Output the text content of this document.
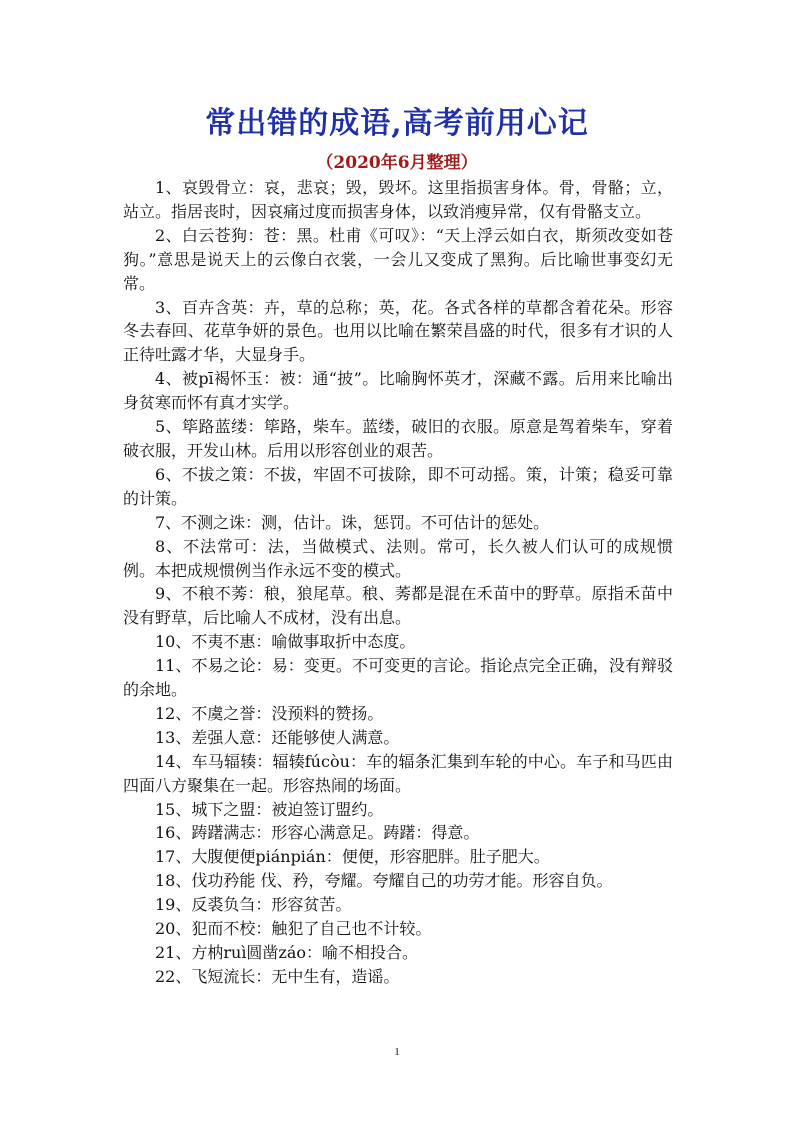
常出错的成语,高考前用心记
（2020年6月整理）

1、哀毁骨立：哀，悲哀；毁，毁坏。这里指损害身体。骨，骨骼；立，站立。指居丧时，因哀痛过度而损害身体，以致消瘦异常，仅有骨骼支立。

2、白云苍狗：苍：黑。杜甫《可叹》：“天上浮云如白衣，斯须改变如苍狗。”意思是说天上的云像白衣裳，一会儿又变成了黑狗。后比喻世事变幻无常。

3、百卉含英：卉，草的总称；英，花。各式各样的草都含着花朵。形容冬去春回、花草争妍的景色。也用以比喻在繁荣昌盛的时代，很多有才识的人正待吐露才华，大显身手。

4、被pī褐怀玉：被：通“披”。比喻胸怀英才，深藏不露。后用来比喻出身贫寒而怀有真才实学。

5、筚路蓝缕：筚路，柴车。蓝缕，破旧的衣服。原意是驾着柴车，穿着破衣服，开发山林。后用以形容创业的艰苦。

6、不拔之策：不拔，牢固不可拔除，即不可动摇。策，计策；稳妥可靠的计策。

7、不测之诛：测，估计。诛，惩罚。不可估计的惩处。

8、不法常可：法，当做模式、法则。常可，长久被人们认可的成规惯例。本把成规惯例当作永远不变的模式。

9、不稂不莠：稂，狼尾草。稂、莠都是混在禾苗中的野草。原指禾苗中没有野草，后比喻人不成材，没有出息。

10、不夷不惠：喻做事取折中态度。

11、不易之论：易：变更。不可变更的言论。指论点完全正确，没有辩驳的余地。

12、不虞之誉：没预料的赞扬。

13、差强人意：还能够使人满意。

14、车马辐辏：辐辏fúcòu：车的辐条汇集到车轮的中心。车子和马匹由四面八方聚集在一起。形容热闹的场面。

15、城下之盟：被迫签订盟约。

16、踌躇满志：形容心满意足。踌躇：得意。

17、大腹便便piánpián：便便，形容肥胖。肚子肥大。

18、伐功矜能 伐、矜，夸耀。夸耀自己的功劳才能。形容自负。

19、反裘负刍：形容贫苦。

20、犯而不校：触犯了自己也不计较。

21、方枘ruì圆凿záo：喻不相投合。

22、飞短流长：无中生有，造谣。

1
